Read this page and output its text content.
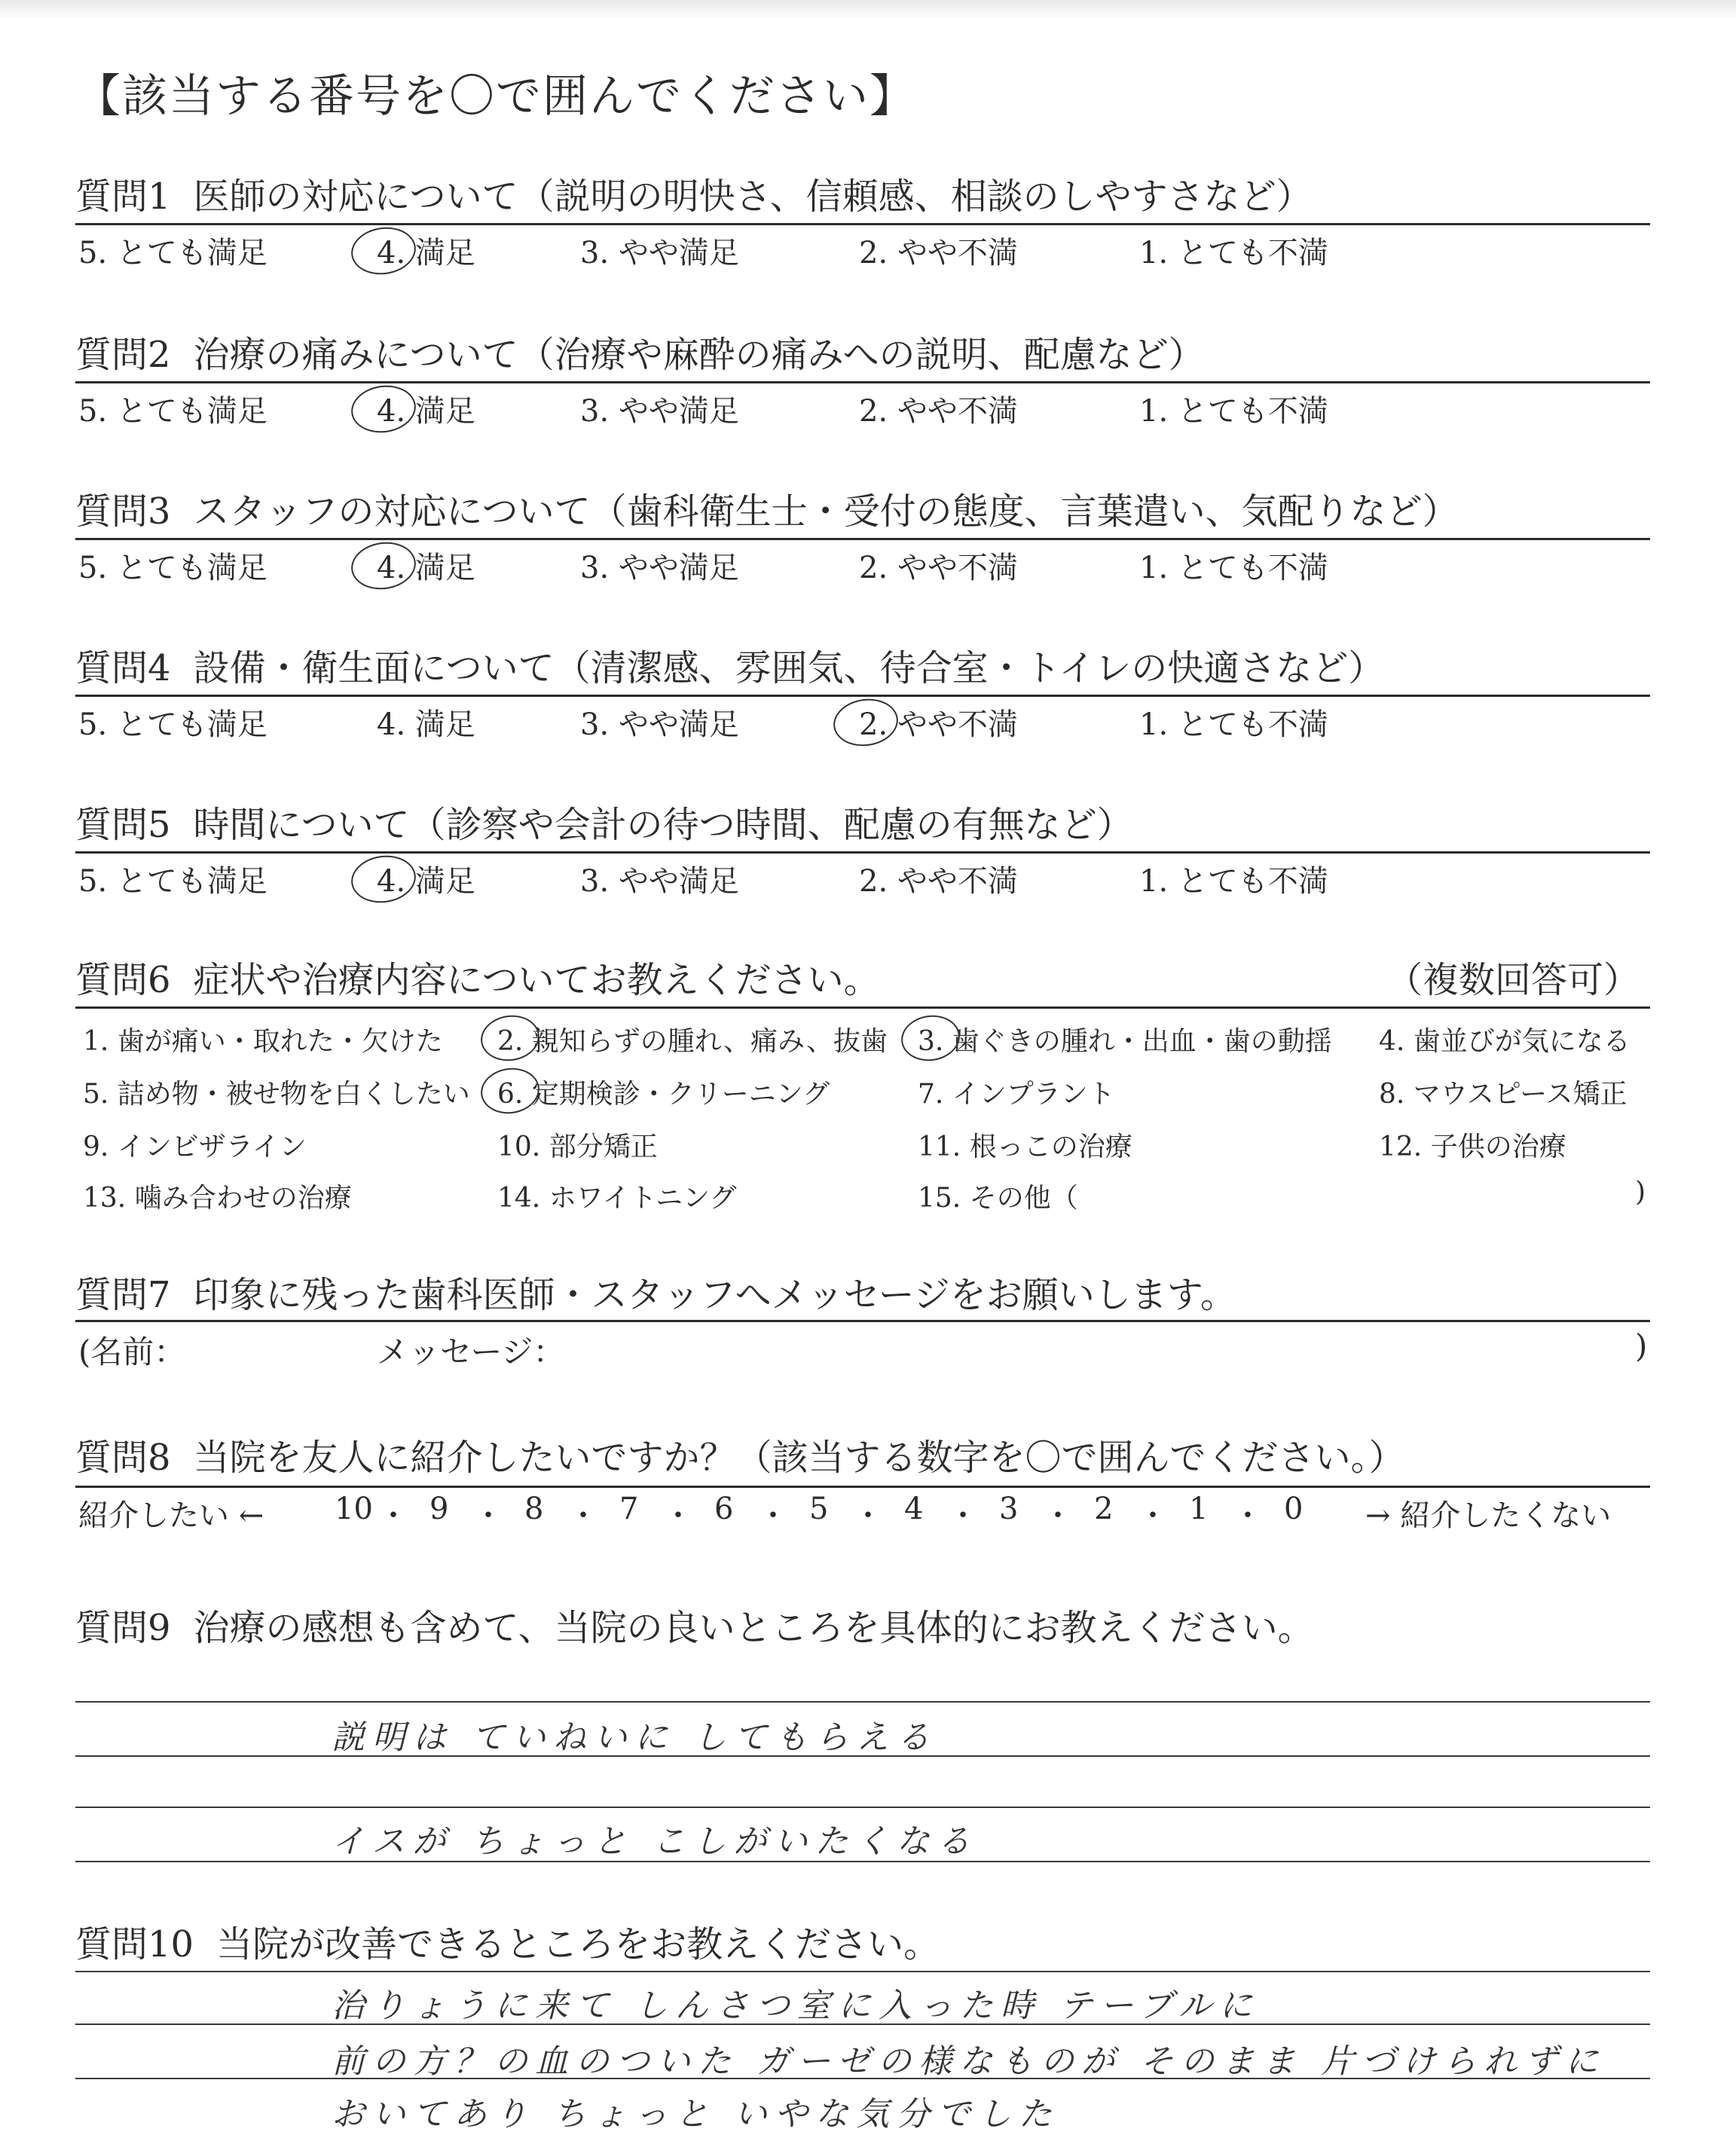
【該当する番号を〇で囲んでください】
質問1 医師の対応について（説明の明快さ、信頼感、相談のしやすさなど）
5. とても満足	4. 満足	3. やや満足	2. やや不満	1. とても不満
質問2 治療の痛みについて（治療や麻酔の痛みへの説明、配慮など）
5. とても満足	4. 満足	3. やや満足	2. やや不満	1. とても不満
質問3 スタッフの対応について（歯科衛生士・受付の態度、言葉遣い、気配りなど）
5. とても満足	4. 満足	3. やや満足	2. やや不満	1. とても不満
質問4 設備・衛生面について（清潔感、雰囲気、待合室・トイレの快適さなど）
5. とても満足	4. 満足	3. やや満足	2. やや不満	1. とても不満
質問5 時間について（診察や会計の待つ時間、配慮の有無など）
5. とても満足	4. 満足	3. やや満足	2. やや不満	1. とても不満
質問6 症状や治療内容についてお教えください。	（複数回答可）
1. 歯が痛い・取れた・欠けた 2. 親知らずの腫れ、痛み、抜歯 3. 歯ぐきの腫れ・出血・歯の動揺 4. 歯並びが気になる
5. 詰め物・被せ物を白くしたい 6. 定期検診・クリーニング	7. インプラント	8. マウスピース矯正
9. インビザライン	10. 部分矯正	11. 根っこの治療	12. 子供の治療
13. 噛み合わせの治療	14. ホワイトニング	15. その他（	)
質問7 印象に残った歯科医師・スタッフへメッセージをお願いします。
(名前：	メッセージ：	)
質問8 当院を友人に紹介したいですか？（該当する数字を〇で囲んでください。）
紹介したい ←	→ 紹介したくない
10 ・ 9 ・ 8 ・ 7 ・ 6 ・ 5 ・ 4 ・ 3 ・ 2 ・ 1 ・ 0
質問9 治療の感想も含めて、当院の良いところを具体的にお教えください。
説明は ていねいに してもらえる
イスが ちょっと こしがいたくなる
質問10 当院が改善できるところをお教えください。
治りょうに来て しんさつ室に入った時 テーブルに
前の方？の血のついた ガーゼの様なものが そのまま 片づけられずに
おいてあり ちょっと いやな気分でした
